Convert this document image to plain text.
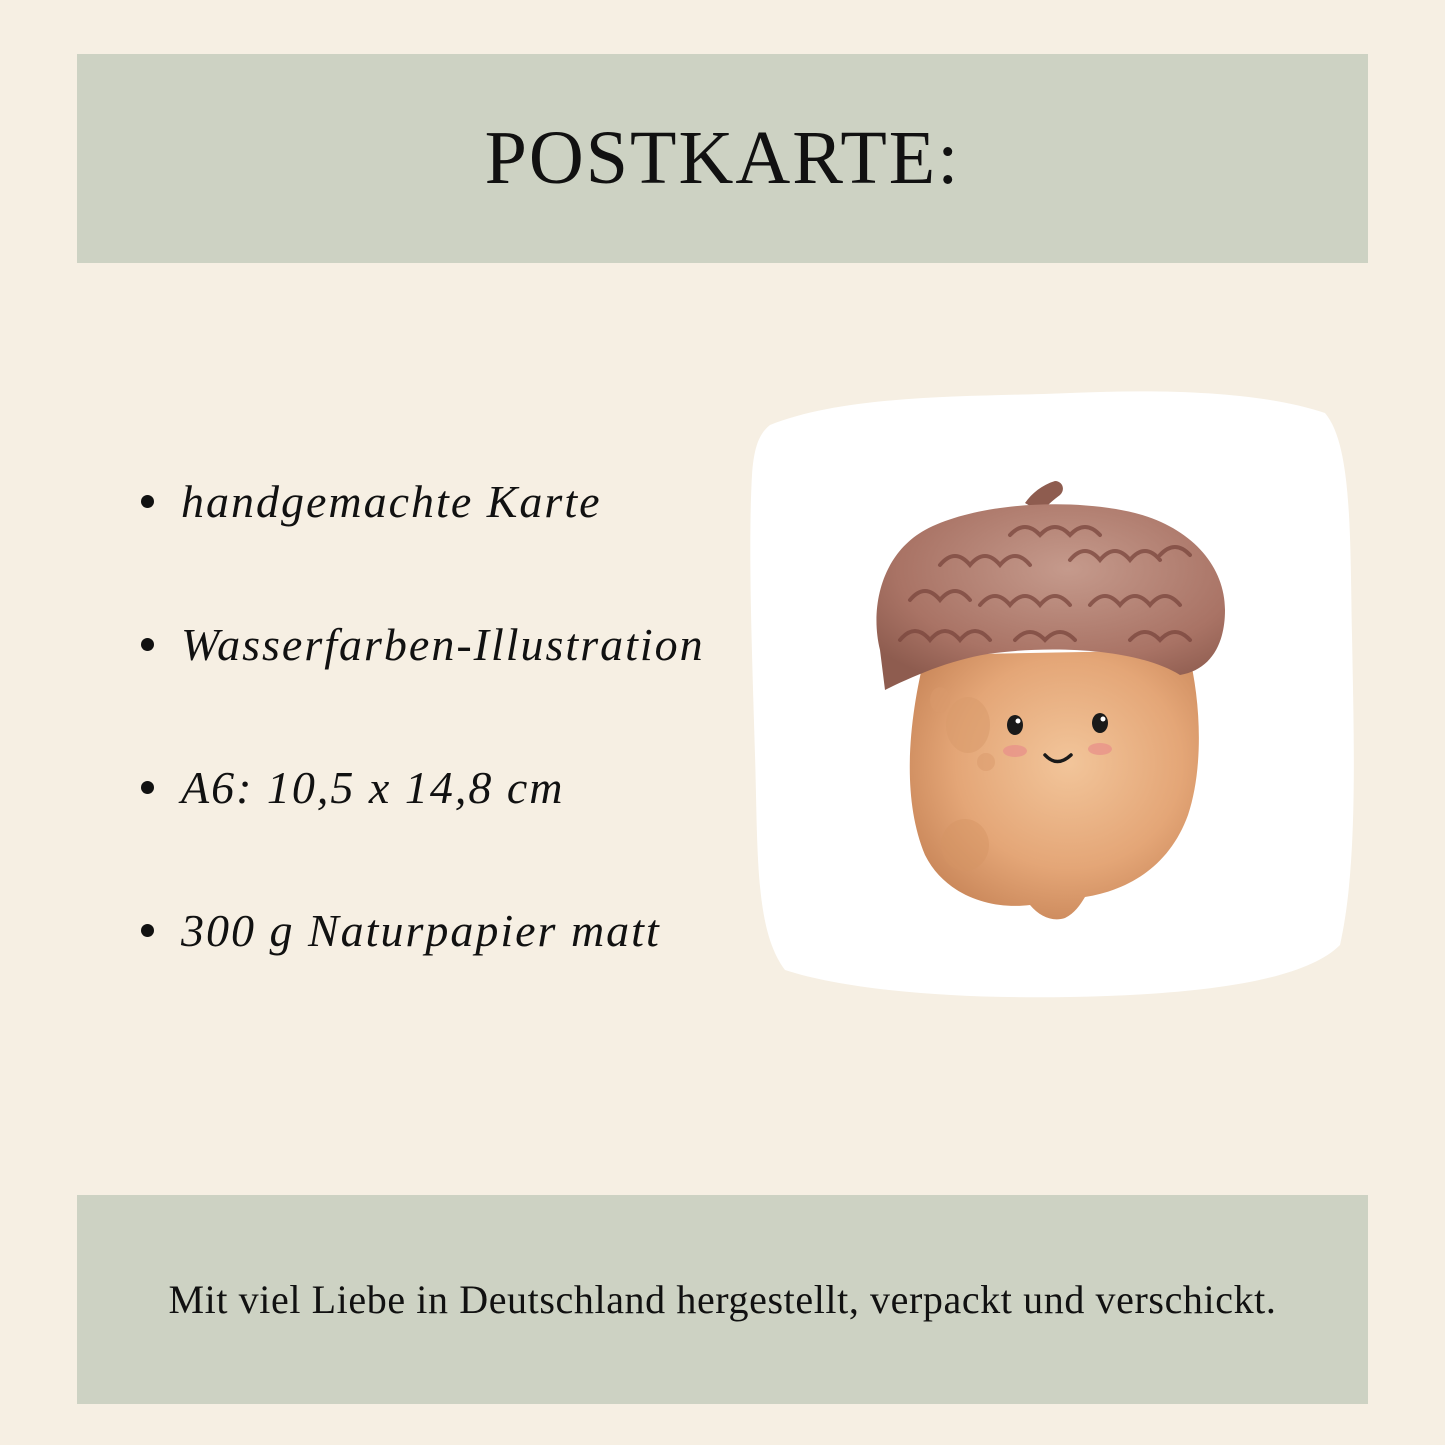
POSTKARTE:
handgemachte Karte
Wasserfarben-Illustration
A6: 10,5 x 14,8 cm
300 g Naturpapier matt
Mit viel Liebe in Deutschland hergestellt, verpackt und verschickt.
